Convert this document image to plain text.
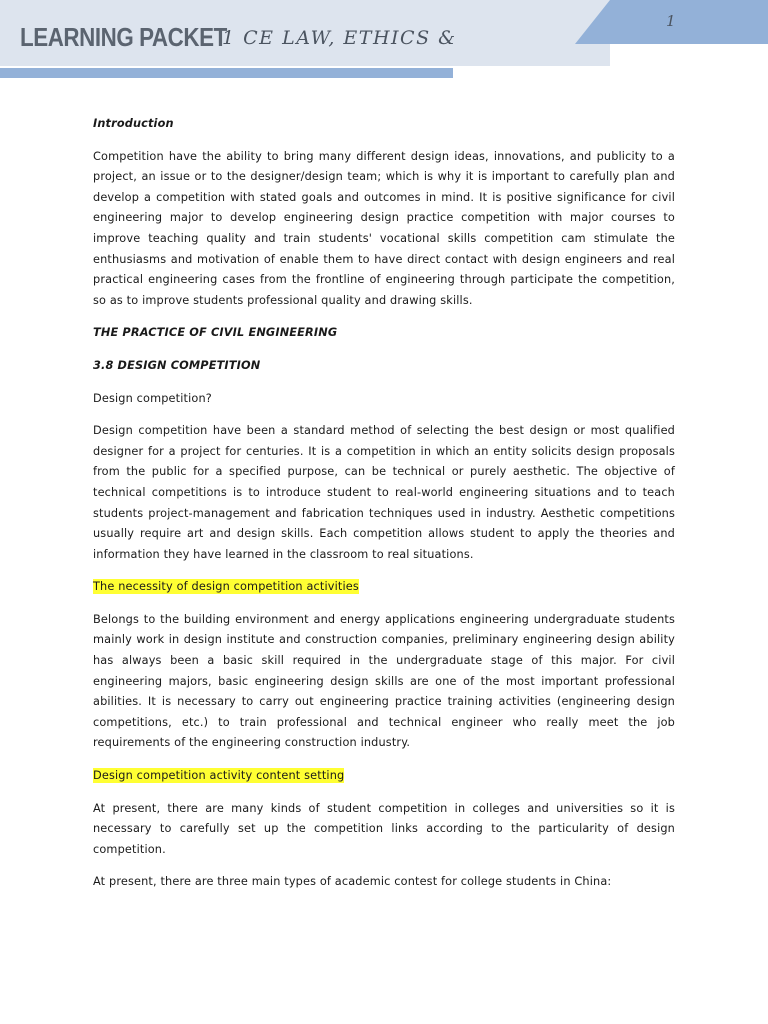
LEARNING PACKET
1 CE LAW, ETHICS &
1

Introduction

Competition have the ability to bring many different design ideas, innovations, and publicity to a project, an issue or to the designer/design team; which is why it is important to carefully plan and develop a competition with stated goals and outcomes in mind. It is positive significance for civil engineering major to develop engineering design practice competition with major courses to improve teaching quality and train students' vocational skills competition cam stimulate the enthusiasms and motivation of enable them to have direct contact with design engineers and real practical engineering cases from the frontline of engineering through participate the competition, so as to improve students professional quality and drawing skills.

THE PRACTICE OF CIVIL ENGINEERING

3.8 DESIGN COMPETITION

Design competition?

Design competition have been a standard method of selecting the best design or most qualified designer for a project for centuries. It is a competition in which an entity solicits design proposals from the public for a specified purpose, can be technical or purely aesthetic. The objective of technical competitions is to introduce student to real-world engineering situations and to teach students project-management and fabrication techniques used in industry. Aesthetic competitions usually require art and design skills. Each competition allows student to apply the theories and information they have learned in the classroom to real situations.

The necessity of design competition activities

Belongs to the building environment and energy applications engineering undergraduate students mainly work in design institute and construction companies, preliminary engineering design ability has always been a basic skill required in the undergraduate stage of this major. For civil engineering majors, basic engineering design skills are one of the most important professional abilities. It is necessary to carry out engineering practice training activities (engineering design competitions, etc.) to train professional and technical engineer who really meet the job requirements of the engineering construction industry.

Design competition activity content setting

At present, there are many kinds of student competition in colleges and universities so it is necessary to carefully set up the competition links according to the particularity of design competition.

At present, there are three main types of academic contest for college students in China:
